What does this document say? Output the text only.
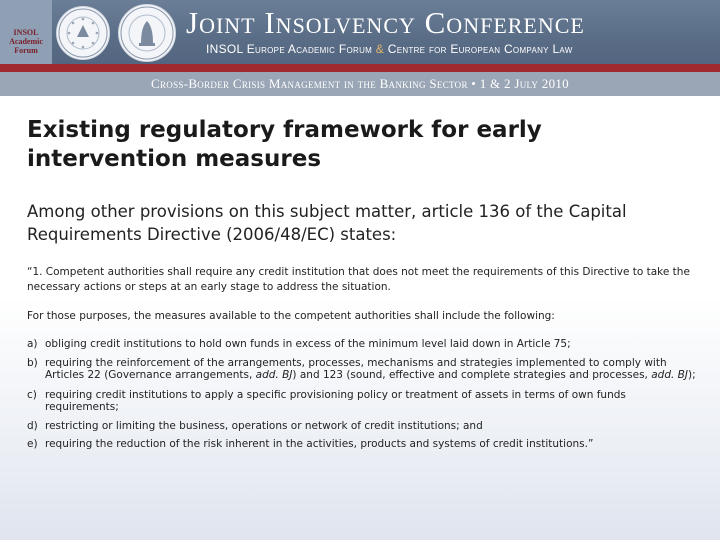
INSOL
Academic
Forum
Joint Insolvency Conference
INSOL Europe Academic Forum & Centre for European Company Law
Cross-Border Crisis Management in the Banking Sector • 1 & 2 July 2010
Existing regulatory framework for early intervention measures
Among other provisions on this subject matter, article 136 of the Capital Requirements Directive (2006/48/EC) states:
“1. Competent authorities shall require any credit institution that does not meet the requirements of this Directive to take the necessary actions or steps at an early stage to address the situation.
For those purposes, the measures available to the competent authorities shall include the following:
a) obliging credit institutions to hold own funds in excess of the minimum level laid down in Article 75;
b) requiring the reinforcement of the arrangements, processes, mechanisms and strategies implemented to comply with Articles 22 (Governance arrangements, add. BJ) and 123 (sound, effective and complete strategies and processes, add. BJ);
c) requiring credit institutions to apply a specific provisioning policy or treatment of assets in terms of own funds requirements;
d) restricting or limiting the business, operations or network of credit institutions; and
e) requiring the reduction of the risk inherent in the activities, products and systems of credit institutions.”
